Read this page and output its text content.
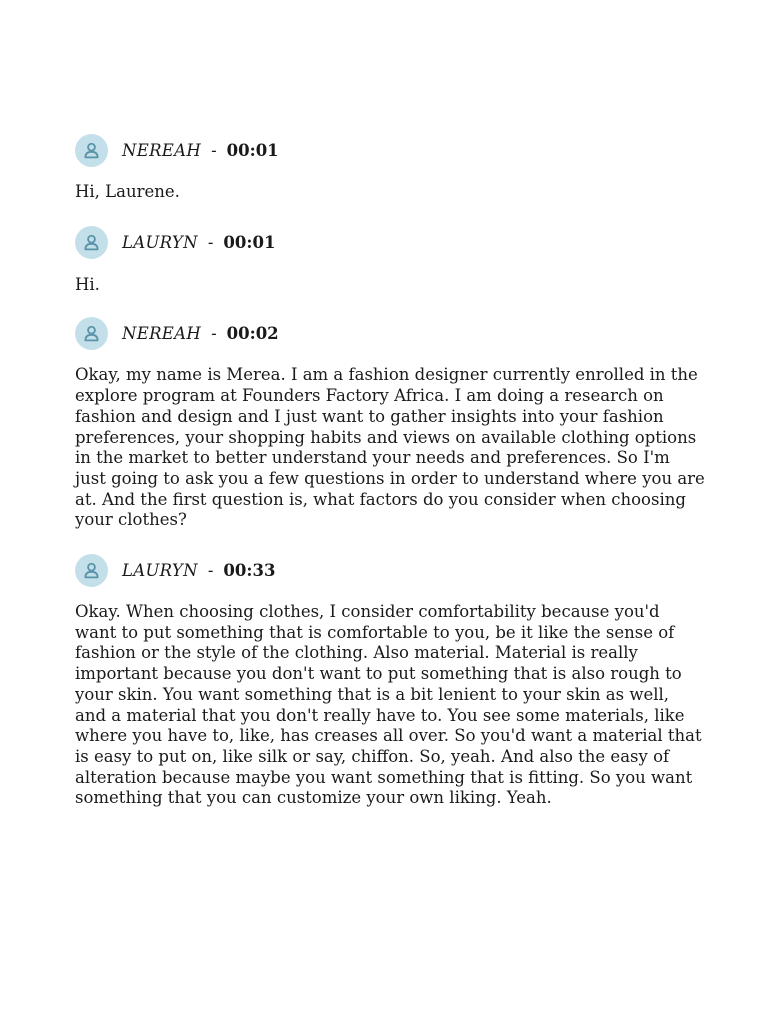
NEREAH - 00:01

Hi, Laurene.

LAURYN - 00:01

Hi.

NEREAH - 00:02

Okay, my name is Merea. I am a fashion designer currently enrolled in the explore program at Founders Factory Africa. I am doing a research on fashion and design and I just want to gather insights into your fashion preferences, your shopping habits and views on available clothing options in the market to better understand your needs and preferences. So I'm just going to ask you a few questions in order to understand where you are at. And the first question is, what factors do you consider when choosing your clothes?

LAURYN - 00:33

Okay. When choosing clothes, I consider comfortability because you'd want to put something that is comfortable to you, be it like the sense of fashion or the style of the clothing. Also material. Material is really important because you don't want to put something that is also rough to your skin. You want something that is a bit lenient to your skin as well, and a material that you don't really have to. You see some materials, like where you have to, like, has creases all over. So you'd want a material that is easy to put on, like silk or say, chiffon. So, yeah. And also the easy of alteration because maybe you want something that is fitting. So you want something that you can customize your own liking. Yeah.
